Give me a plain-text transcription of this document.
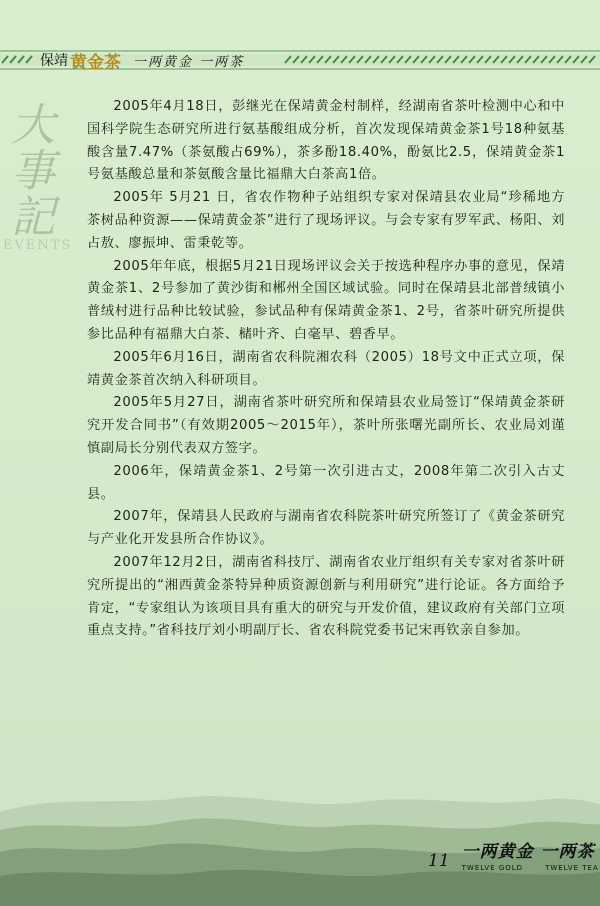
保靖 黄金茶 一两黄金 一两茶
大
事
記
EVENTS

2005年4月18日，彭继光在保靖黄金村制样，经湖南省茶叶检测中心和中国科学院生态研究所进行氨基酸组成分析，首次发现保靖黄金茶1号18种氨基酸含量7.47%（茶氨酸占69%），茶多酚18.40%，酚氨比2.5，保靖黄金茶1号氨基酸总量和茶氨酸含量比福鼎大白茶高1倍。

2005年 5月21 日，省农作物种子站组织专家对保靖县农业局“珍稀地方茶树品种资源——保靖黄金茶”进行了现场评议。与会专家有罗军武、杨阳、刘占敖、廖振坤、雷秉乾等。

2005年年底，根据5月21日现场评议会关于按选种程序办事的意见，保靖黄金茶1、2号参加了黄沙街和郴州全国区域试验。同时在保靖县北部普绒镇小普绒村进行品种比较试验，参试品种有保靖黄金茶1、2号，省茶叶研究所提供参比品种有福鼎大白茶、槠叶齐、白毫早、碧香早。

2005年6月16日，湖南省农科院湘农科（2005）18号文中正式立项，保靖黄金茶首次纳入科研项目。

2005年5月27日，湖南省茶叶研究所和保靖县农业局签订“保靖黄金茶研究开发合同书”（有效期2005～2015年），茶叶所张曙光副所长、农业局刘谨慎副局长分别代表双方签字。

2006年，保靖黄金茶1、2号第一次引进古丈，2008年第二次引入古丈县。

2007年，保靖县人民政府与湖南省农科院茶叶研究所签订了《黄金茶研究与产业化开发县所合作协议》。

2007年12月2日，湖南省科技厅、湖南省农业厅组织有关专家对省茶叶研究所提出的“湘西黄金茶特异种质资源创新与利用研究”进行论证。各方面给予肯定，“专家组认为该项目具有重大的研究与开发价值，建议政府有关部门立项重点支持。”省科技厅刘小明副厅长、省农科院党委书记宋再钦亲自参加。

11 一两黄金 一两茶
TWELVE GOLD	TWELVE TEA
